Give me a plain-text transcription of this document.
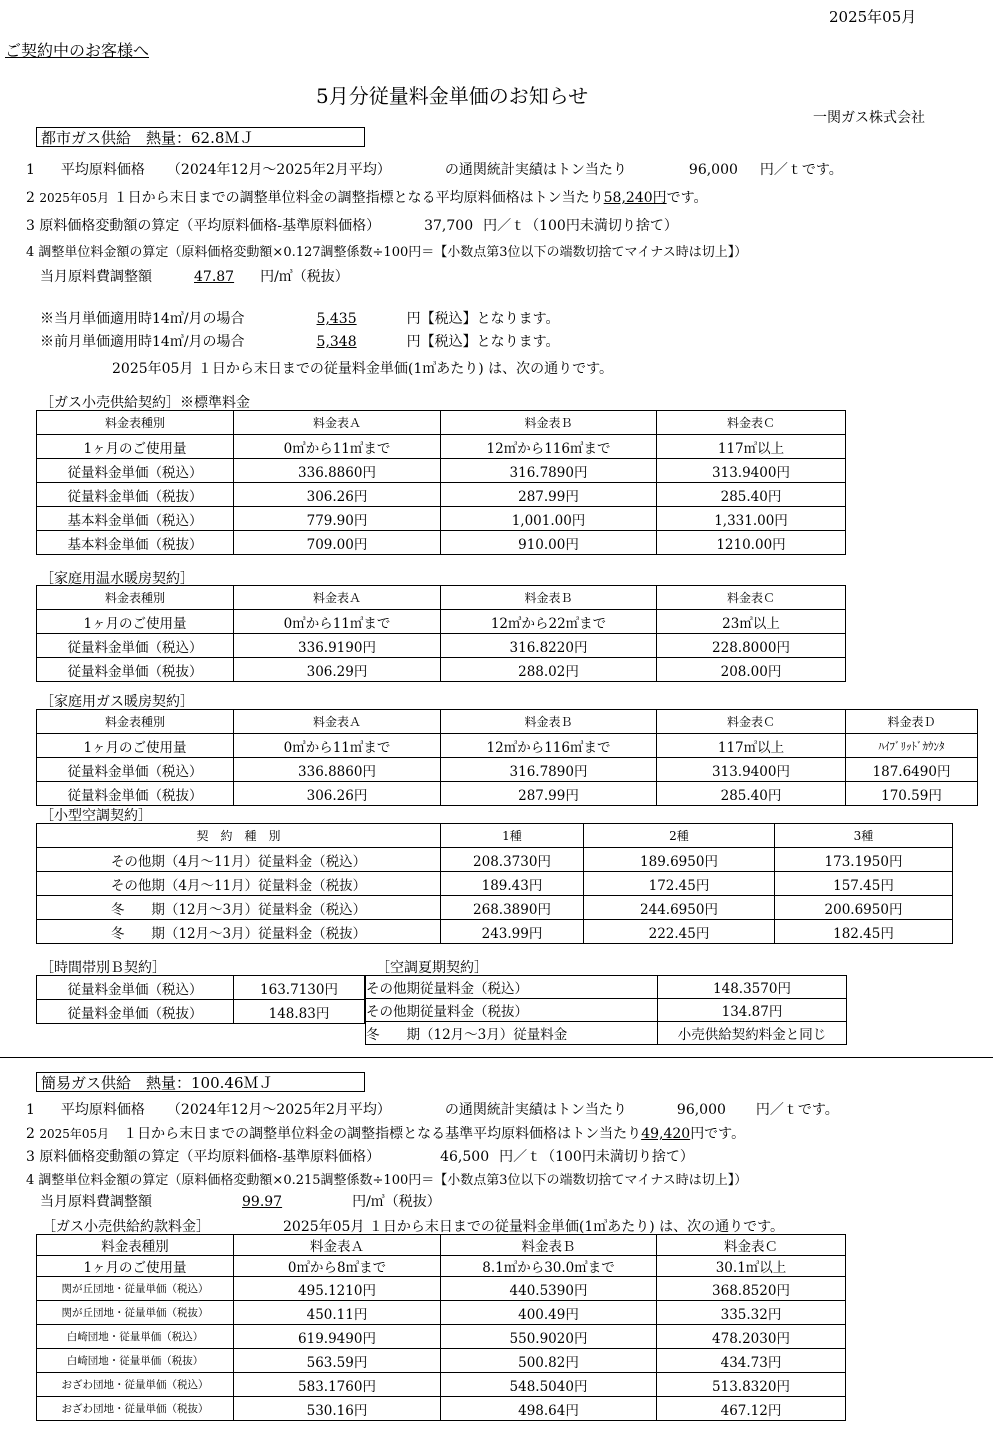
2025年05月
ご契約中のお客様へ
5月分従量料金単価のお知らせ
一関ガス株式会社
都市ガス供給　熱量：62.8ＭＪ
1 平均原料価格 （2024年12月～2025年2月平均）	の通関統計実績はトン当たり	96,000 円／ｔです。
2 2025年05月 １日から末日までの調整単位料金の調整指標となる平均原料価格はトン当たり58,240円です。
3 原料価格変動額の算定（平均原料価格-基準原料価格）	37,700 円／ｔ（100円未満切り捨て）
4 調整単位料金額の算定（原料価格変動額×0.127調整係数÷100円＝【小数点第3位以下の端数切捨てマイナス時は切上】）
当月原料費調整額	47.87 円/㎥（税抜）
※当月単価適用時14㎥/月の場合	5,435	円【税込】となります。
※前月単価適用時14㎥/月の場合	5,348	円【税込】となります。
2025年05月 １日から末日までの従量料金単価(1㎥あたり) は、次の通りです。
［ガス小売供給契約］※標準料金
料金表種別	料金表Ａ	料金表Ｂ	料金表Ｃ
1ヶ月のご使用量	0㎥から11㎥まで	12㎥から116㎥まで	117㎥以上
従量料金単価（税込）	336.8860円	316.7890円	313.9400円
従量料金単価（税抜）	306.26円	287.99円	285.40円
基本料金単価（税込）	779.90円	1,001.00円	1,331.00円
基本料金単価（税抜）	709.00円	910.00円	1210.00円
［家庭用温水暖房契約］
料金表種別	料金表Ａ	料金表Ｂ	料金表Ｃ
1ヶ月のご使用量	0㎥から11㎥まで	12㎥から22㎥まで	23㎥以上
従量料金単価（税込）	336.9190円	316.8220円	228.8000円
従量料金単価（税抜）	306.29円	288.02円	208.00円
［家庭用ガス暖房契約］
料金表種別	料金表Ａ	料金表Ｂ	料金表Ｃ	料金表Ｄ
1ヶ月のご使用量	0㎥から11㎥まで	12㎥から116㎥まで	117㎥以上	ﾊｲﾌﾞﾘｯﾄﾞｶｳﾝﾀ
従量料金単価（税込）	336.8860円	316.7890円	313.9400円	187.6490円
従量料金単価（税抜）	306.26円	287.99円	285.40円	170.59円
［小型空調契約］
契　約　種　別	1種	2種	3種
その他期（4月～11月）従量料金（税込）	208.3730円	189.6950円	173.1950円
その他期（4月～11月）従量料金（税抜）	189.43円	172.45円	157.45円
冬　　期（12月～3月）従量料金（税込）	268.3890円	244.6950円	200.6950円
冬　　期（12月～3月）従量料金（税抜）	243.99円	222.45円	182.45円
［時間帯別Ｂ契約］
従量料金単価（税込）	163.7130円
従量料金単価（税抜）	148.83円
［空調夏期契約］
その他期従量料金（税込）	148.3570円
その他期従量料金（税抜）	134.87円
冬　　期（12月～3月）従量料金	小売供給契約料金と同じ
簡易ガス供給　熱量：100.46ＭＪ
1 平均原料価格 （2024年12月～2025年2月平均）	の通関統計実績はトン当たり	96,000 円／ｔです。
2 2025年05月　 １日から末日までの調整単位料金の調整指標となる基準平均原料価格はトン当たり49,420円です。
3 原料価格変動額の算定（平均原料価格-基準原料価格）	46,500 円／ｔ（100円未満切り捨て）
4 調整単位料金額の算定（原料価格変動額×0.215調整係数÷100円＝【小数点第3位以下の端数切捨てマイナス時は切上】）
当月原料費調整額	99.97	円/㎥（税抜）
［ガス小売供給約款料金］	2025年05月 １日から末日までの従量料金単価(1㎥あたり) は、次の通りです。
料金表種別	料金表Ａ	料金表Ｂ	料金表Ｃ
1ヶ月のご使用量	0㎥から8㎥まで	8.1㎥から30.0㎥まで	30.1㎥以上
関が丘団地・従量単価（税込）	495.1210円	440.5390円	368.8520円
関が丘団地・従量単価（税抜）	450.11円	400.49円	335.32円
白崎団地・従量単価（税込）	619.9490円	550.9020円	478.2030円
白崎団地・従量単価（税抜）	563.59円	500.82円	434.73円
おざわ団地・従量単価（税込）	583.1760円	548.5040円	513.8320円
おざわ団地・従量単価（税抜）	530.16円	498.64円	467.12円
